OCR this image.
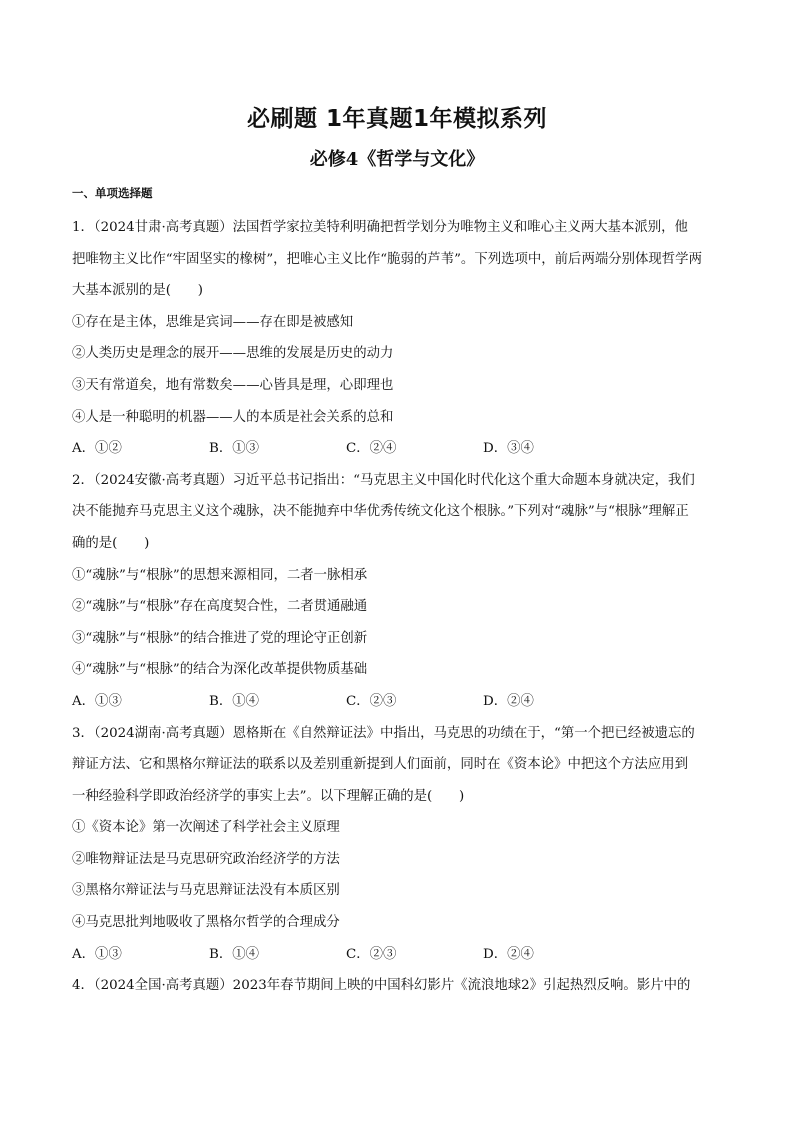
必刷题 1年真题1年模拟系列
必修4《哲学与文化》
一、单项选择题
1．（2024甘肃·高考真题）法国哲学家拉美特利明确把哲学划分为唯物主义和唯心主义两大基本派别，他
把唯物主义比作“牢固坚实的橡树”，把唯心主义比作“脆弱的芦苇”。下列选项中，前后两端分别体现哲学两
大基本派别的是(　　)
①存在是主体，思维是宾词——存在即是被感知
②人类历史是理念的展开——思维的发展是历史的动力
③天有常道矣，地有常数矣——心皆具是理，心即理也
④人是一种聪明的机器——人的本质是社会关系的总和
A．①②	B．①③	C．②④	D．③④
2．（2024安徽·高考真题）习近平总书记指出：“马克思主义中国化时代化这个重大命题本身就决定，我们
决不能抛弃马克思主义这个魂脉，决不能抛弃中华优秀传统文化这个根脉。”下列对“魂脉”与“根脉”理解正
确的是(　　)
①“魂脉”与“根脉”的思想来源相同，二者一脉相承
②“魂脉”与“根脉”存在高度契合性，二者贯通融通
③“魂脉”与“根脉”的结合推进了党的理论守正创新
④“魂脉”与“根脉”的结合为深化改革提供物质基础
A．①③	B．①④	C．②③	D．②④
3．（2024湖南·高考真题）恩格斯在《自然辩证法》中指出，马克思的功绩在于，“第一个把已经被遗忘的
辩证方法、它和黑格尔辩证法的联系以及差别重新提到人们面前，同时在《资本论》中把这个方法应用到
一种经验科学即政治经济学的事实上去”。以下理解正确的是(　　)
①《资本论》第一次阐述了科学社会主义原理
②唯物辩证法是马克思研究政治经济学的方法
③黑格尔辩证法与马克思辩证法没有本质区别
④马克思批判地吸收了黑格尔哲学的合理成分
A．①③	B．①④	C．②③	D．②④
4．（2024全国·高考真题）2023年春节期间上映的中国科幻影片《流浪地球2》引起热烈反响。影片中的
